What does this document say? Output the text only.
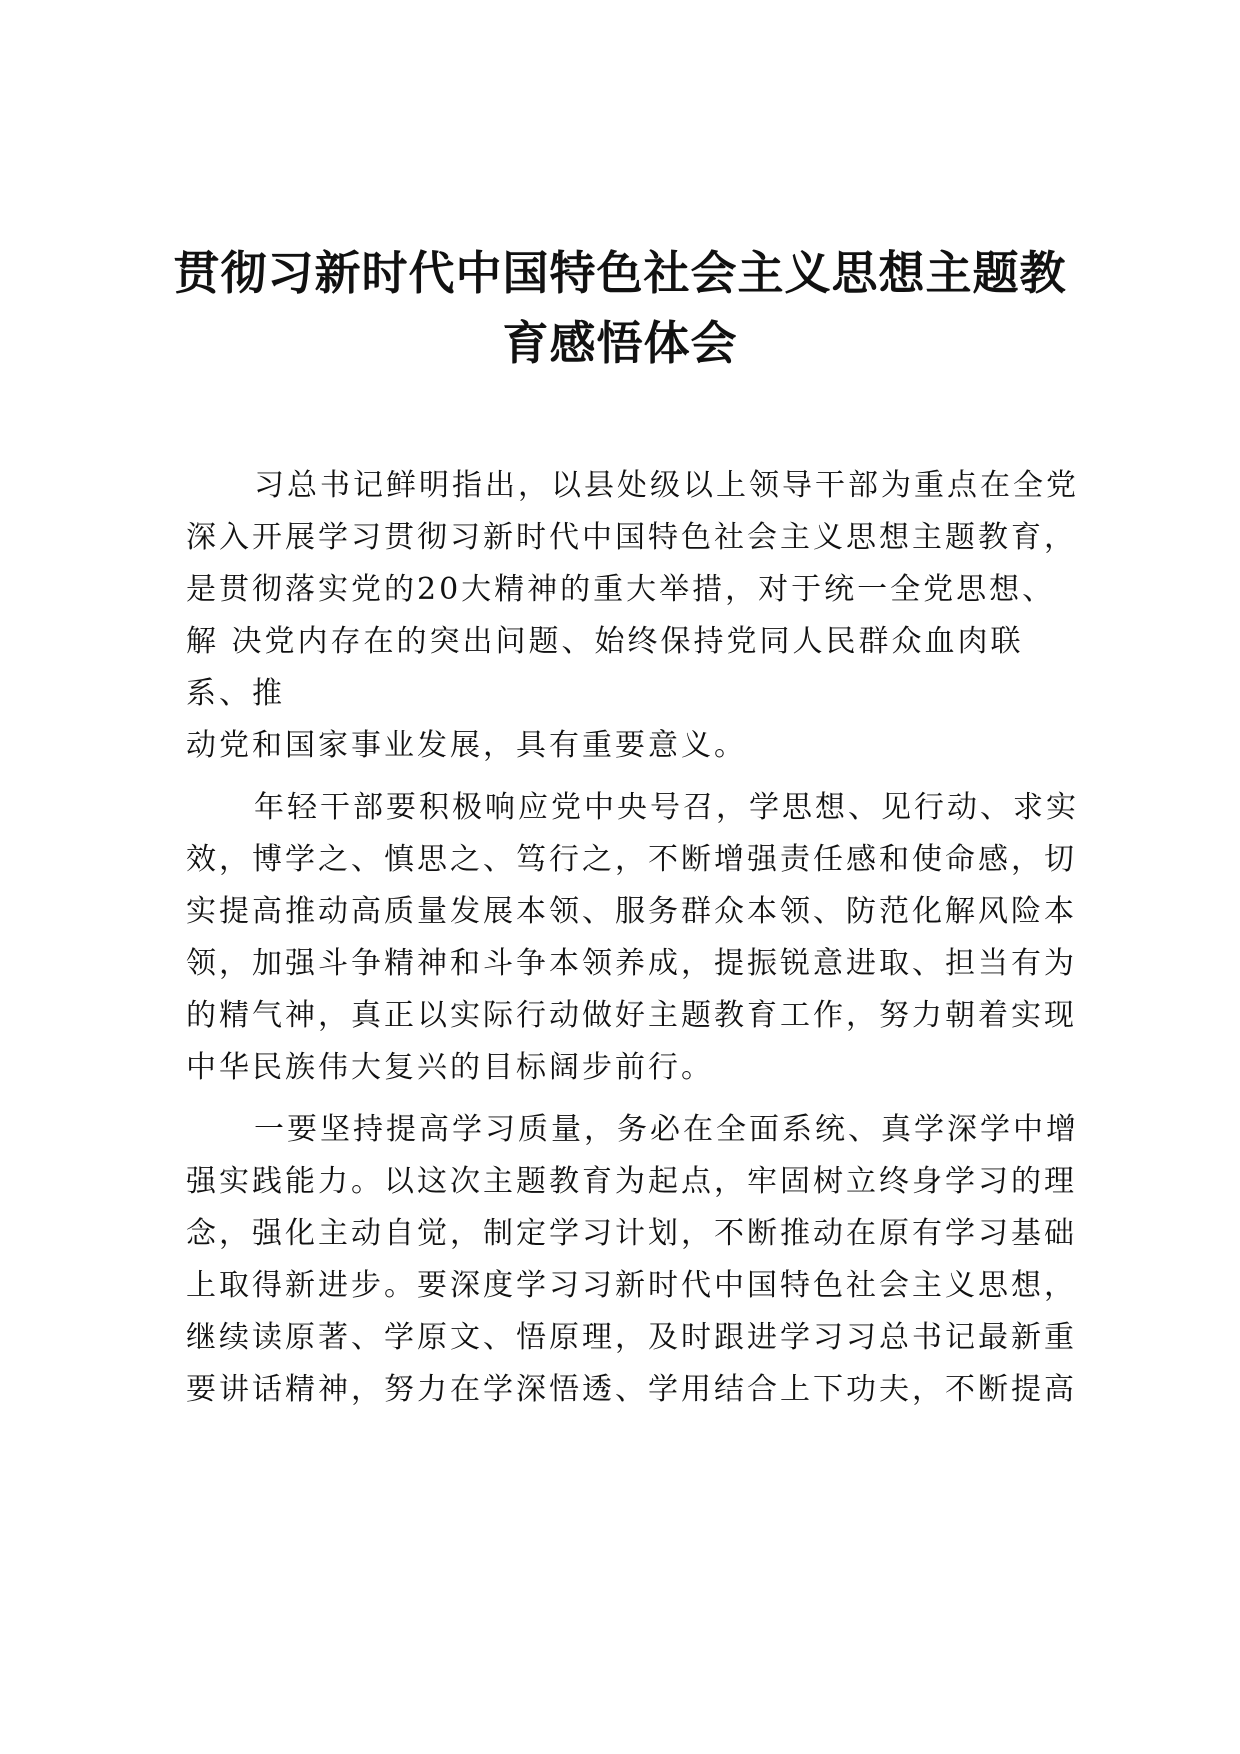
贯彻习新时代中国特色社会主义思想主题教
育感悟体会
习总书记鲜明指出，以县处级以上领导干部为重点在全党
深入开展学习贯彻习新时代中国特色社会主义思想主题教育，
是贯彻落实党的20大精神的重大举措，对于统一全党思想、
解 决党内存在的突出问题、始终保持党同人民群众血肉联
系、推
动党和国家事业发展，具有重要意义。
年轻干部要积极响应党中央号召，学思想、见行动、求实
效，博学之、慎思之、笃行之，不断增强责任感和使命感，切
实提高推动高质量发展本领、服务群众本领、防范化解风险本
领，加强斗争精神和斗争本领养成，提振锐意进取、担当有为
的精气神，真正以实际行动做好主题教育工作，努力朝着实现
中华民族伟大复兴的目标阔步前行。
一要坚持提高学习质量，务必在全面系统、真学深学中增
强实践能力。以这次主题教育为起点，牢固树立终身学习的理
念，强化主动自觉，制定学习计划，不断推动在原有学习基础
上取得新进步。要深度学习习新时代中国特色社会主义思想，
继续读原著、学原文、悟原理，及时跟进学习习总书记最新重
要讲话精神，努力在学深悟透、学用结合上下功夫，不断提高
